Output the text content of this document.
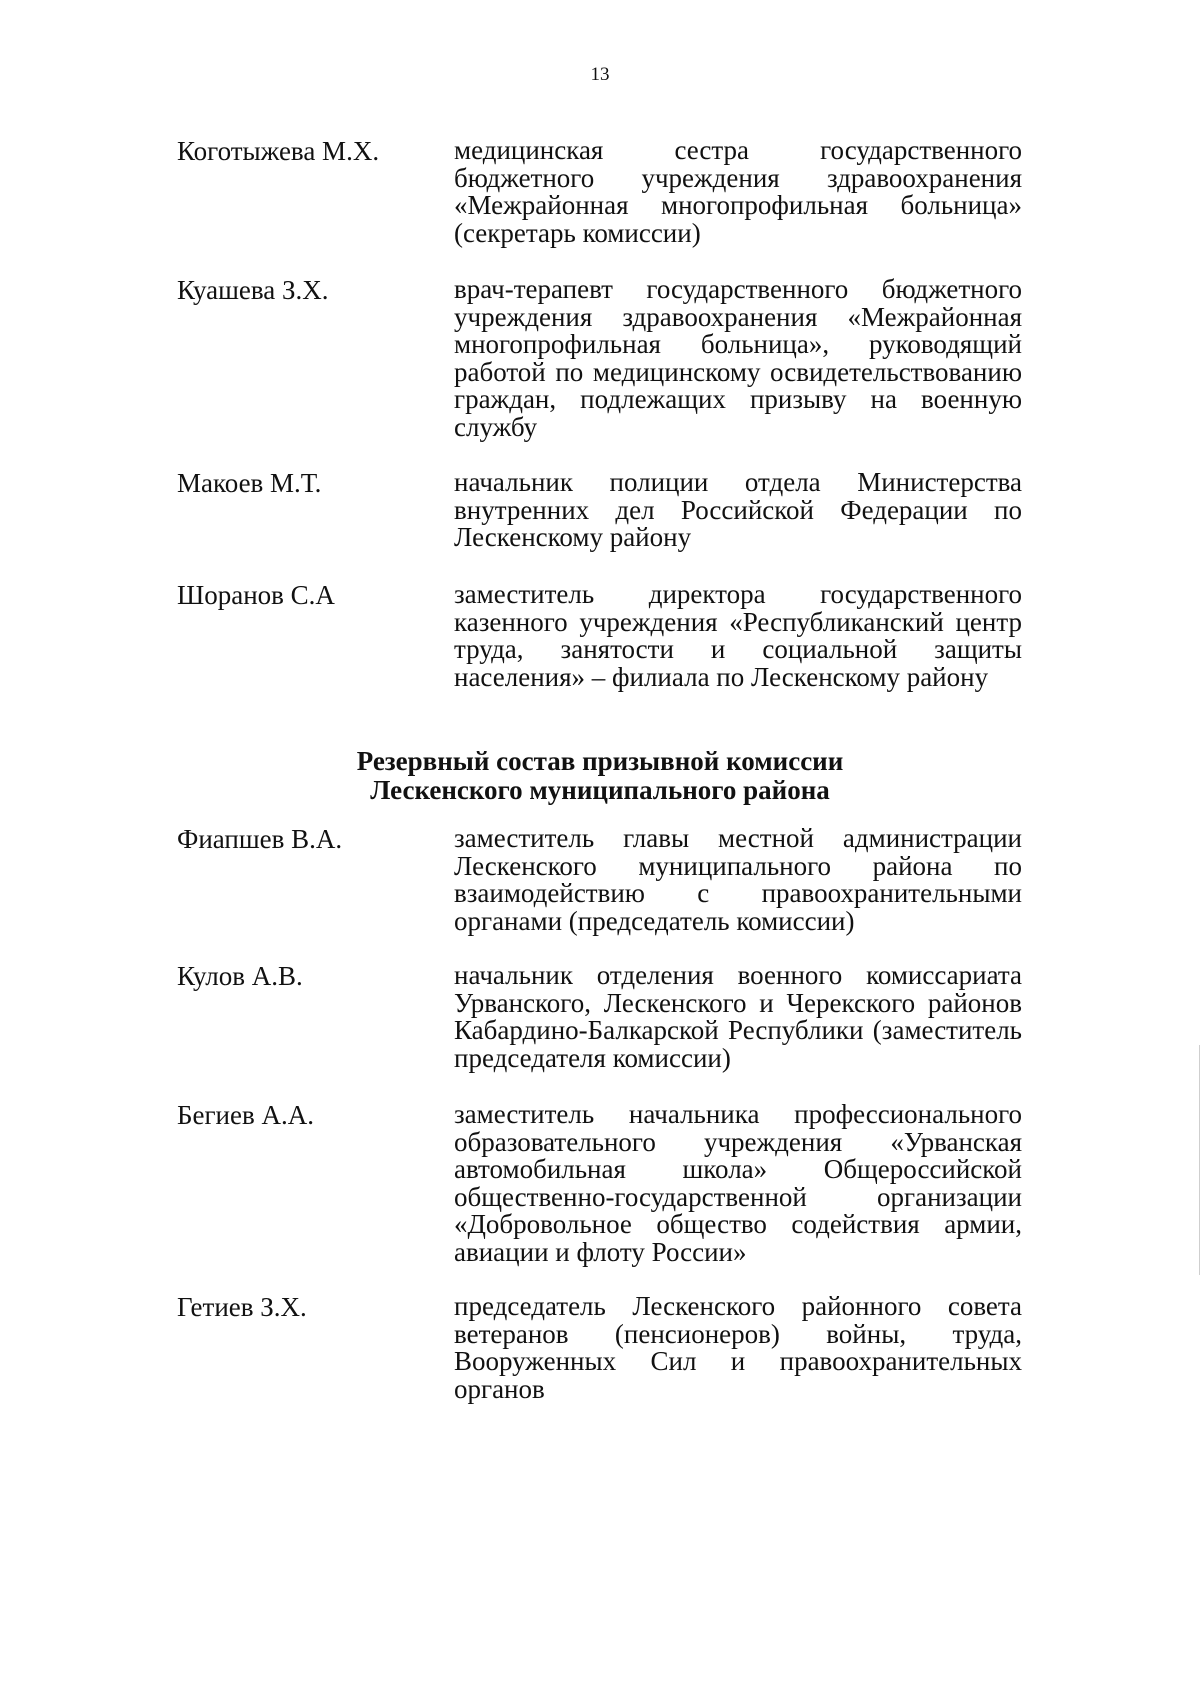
13
Коготыжева М.Х.	медицинская сестра государственного бюджетного учреждения здравоохранения «Межрайонная многопрофильная больница» (секретарь комиссии)
Куашева З.Х.	врач-терапевт государственного бюджетного учреждения здравоохранения «Межрайонная многопрофильная больница», руководящий работой по медицинскому освидетельствованию граждан, подлежащих призыву на военную службу
Макоев М.Т.	начальник полиции отдела Министерства внутренних дел Российской Федерации по Лескенскому району
Шоранов С.А	заместитель директора государственного казенного учреждения «Республиканский центр труда, занятости и социальной защиты населения» – филиала по Лескенскому району
Резервный состав призывной комиссии
Лескенского муниципального района
Фиапшев В.А.	заместитель главы местной администрации Лескенского муниципального района по взаимодействию с правоохранительными органами (председатель комиссии)
Кулов А.В.	начальник отделения военного комиссариата Урванского, Лескенского и Черекского районов Кабардино-Балкарской Республики (заместитель председателя комиссии)
Бегиев А.А.	заместитель начальника профессионального образовательного учреждения «Урванская автомобильная школа» Общероссийской общественно-государственной организации «Добровольное общество содействия армии, авиации и флоту России»
Гетиев З.Х.	председатель Лескенского районного совета ветеранов (пенсионеров) войны, труда, Вооруженных Сил и правоохранительных органов
